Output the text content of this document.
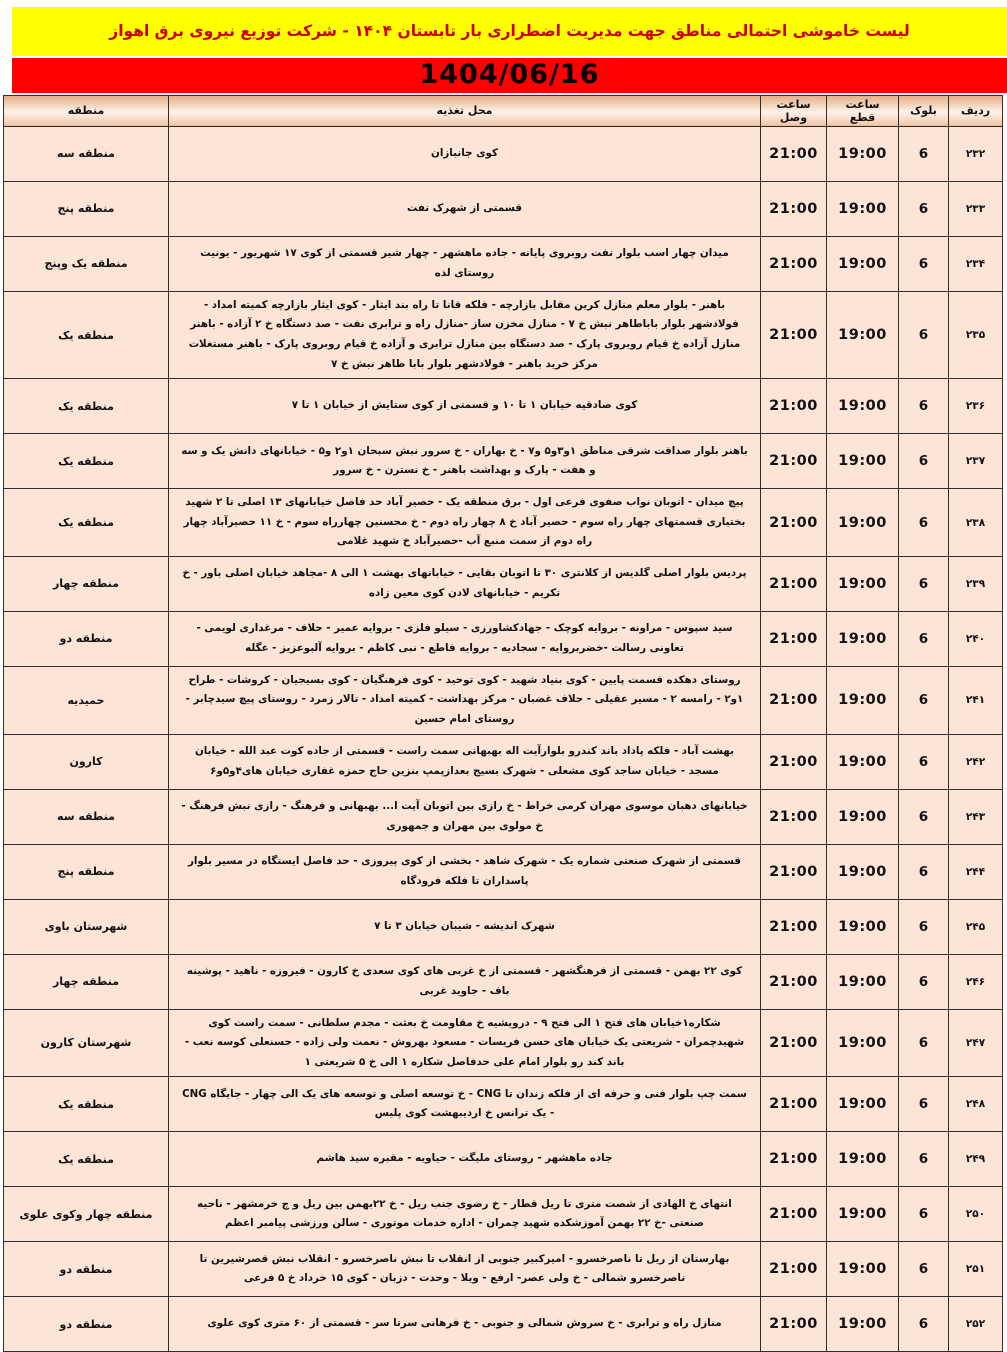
لیست خاموشی احتمالی مناطق جهت مدیریت اضطراری بار تابستان ۱۴۰۴ - شرکت توزیع نیروی برق اهواز
1404/06/16
ردیف	بلوک	ساعت قطع	ساعت وصل	محل تغذیه	منطقه
۲۳۲	6	19:00	21:00	کوی جانبازان	منطقه سه
۲۳۳	6	19:00	21:00	قسمتی از شهرک نفت	منطقه پنج
۲۳۴	6	19:00	21:00	میدان چهار اسب بلوار نفت روبروی پایانه - جاده ماهشهر - چهار شیر قسمتی از کوی ۱۷ شهریور - یونیت روستای لذه	منطقه یک وپنج
۲۳۵	6	19:00	21:00	باهنر - بلوار معلم منازل کرین مقابل بازارچه - فلکه قانا تا راه بند ایثار - کوی ایثار بازارچه کمیته امداد - فولادشهر بلوار باباطاهر نبش خ ۷ - منازل مخزن ساز -منازل راه و ترابری نفت - صد دستگاه خ ۲ آزاده - باهنر منازل آزاده خ قیام روبروی پارک - صد دستگاه بین منازل ترابری و آزاده خ قیام روبروی پارک - باهنر مستغلات مرکز خرید باهنر - فولادشهر بلوار بابا طاهر نبش خ ۷	منطقه یک
۲۳۶	6	19:00	21:00	کوی صادقیه خیابان ۱ تا ۱۰ و قسمتی از کوی ستایش از خیابان ۱ تا ۷	منطقه یک
۲۳۷	6	19:00	21:00	باهنر بلوار صداقت شرقی مناطق ۱و۳و۵ و۷ - خ بهاران - خ سرور نبش سبحان ۱و۲ و۵ - خیابانهای دانش یک و سه و هفت - پارک و بهداشت باهنر - خ نسترن - خ سرور	منطقه یک
۲۳۸	6	19:00	21:00	پیچ میدان - اتوبان نواب صفوی فرعی اول - برق منطقه یک - حصیر آباد حد فاصل خیابانهای ۱۳ اصلی تا ۲ شهید بختیاری قسمتهای چهار راه سوم - حصیر آباد خ ۸ چهار راه دوم - خ محسنین چهارراه سوم - خ ۱۱ حصیرآباد چهار راه دوم از سمت منبع آب -حصیرآباد خ شهید غلامی	منطقه یک
۲۳۹	6	19:00	21:00	پردیس بلوار اصلی گلدیس از کلانتری ۳۰ تا اتوبان بقایی - خیابانهای بهشت ۱ الی ۸ -مجاهد خیابان اصلی باور - خ تکریم - خیابانهای لادن کوی معین زاده	منطقه چهار
۲۴۰	6	19:00	21:00	سید سپوس - مراونه - بروایه کوچک - جهادکشاورزی - سیلو فلزی - بروایه عمیر - حلاف - مرغداری لویمی - تعاونی رسالت -خضربروایه - سجادیه - بروایه قاطع - نبی کاظم - بروایه آلبوعزیز - عگله	منطقه دو
۲۴۱	6	19:00	21:00	روستای دهکده قسمت پایین - کوی بنیاد شهید - کوی توحید - کوی فرهنگیان - کوی بسیجیان - کروشات - طراح ۱و۲ - رامسه ۲ - مسیر عقیلی - حلاف غضبان - مرکز بهداشت - کمیته امداد - تالار زمرد - روستای پیچ سیدچابر - روستای امام حسین	حمیدیه
۲۴۲	6	19:00	21:00	بهشت آباد - فلکه پاداد باند کندرو بلوارآیت اله بهبهانی سمت راست - قسمتی از جاده کوت عبد الله - خیابان مسجد - خیابان ساجد کوی مشعلی - شهرک بسیج بعدازپمپ بنزین حاج حمزه غفاری خیابان های۴و۵و۶	کارون
۲۴۳	6	19:00	21:00	خیابانهای دهبان موسوی مهران کرمی خراط - خ رازی بین اتوبان آیت ا... بهبهانی و فرهنگ - رازی نبش فرهنگ - خ مولوی بین مهران و جمهوری	منطقه سه
۲۴۴	6	19:00	21:00	قسمتی از شهرک صنعتی شماره یک - شهرک شاهد - بخشی از کوی پیروزی - حد فاصل ایستگاه در مسیر بلوار پاسداران تا فلکه فرودگاه	منطقه پنج
۲۴۵	6	19:00	21:00	شهرک اندیشه - شیبان خیابان ۳ تا ۷	شهرستان باوی
۲۴۶	6	19:00	21:00	کوی ۲۲ بهمن - قسمتی از فرهنگشهر - قسمتی از خ غربی های کوی سعدی خ کارون - فیروزه - ناهید - پوشینه باف - جاوید غربی	منطقه چهار
۲۴۷	6	19:00	21:00	شکاره۱خیابان های فتح ۱ الی فتح ۹ - درویشیه خ مقاومت خ بعثت - مجدم سلطانی - سمت راست کوی شهیدچمران - شریعتی یک خیابان های حسن فریسات - مسعود بهروش - نعمت ولی زاده - حسنعلی کوسه نعب - باند کند رو بلوار امام علی حدفاصل شکاره ۱ الی خ ۵ شریعتی ۱	شهرستان کارون
۲۴۸	6	19:00	21:00	سمت چپ بلوار فنی و حرفه ای از فلکه زندان تا CNG - خ توسعه اصلی و توسعه های یک الی چهار - جایگاه CNG - یک ترانس خ اردیبهشت کوی پلیس	منطقه یک
۲۴۹	6	19:00	21:00	جاده ماهشهر - روستای ملیگت - حیاویه - مقبره سید هاشم	منطقه یک
۲۵۰	6	19:00	21:00	انتهای خ الهادی از شصت متری تا ریل قطار - خ رضوی جنب ریل - خ ۲۲بهمن بین ریل و چ خرمشهر - ناحیه صنعتی -خ ۲۲ بهمن آموزشکده شهید چمران - اداره خدمات موتوری - سالن ورزشی پیامبر اعظم	منطقه چهار وکوی علوی
۲۵۱	6	19:00	21:00	بهارستان از ریل تا ناصرخسرو - امیرکبیر جنوبی از انقلاب تا نبش ناصرخسرو - انقلاب نبش قصرشیرین تا ناصرخسرو شمالی - خ ولی عصر- ارفع - ویلا - وحدت - دزبان - کوی ۱۵ خرداد خ ۵ فرعی	منطقه دو
۲۵۲	6	19:00	21:00	منازل راه و ترابری - خ سروش شمالی و جنوبی - خ فرهانی سرتا سر - قسمتی از ۶۰ متری کوی علوی	منطقه دو
